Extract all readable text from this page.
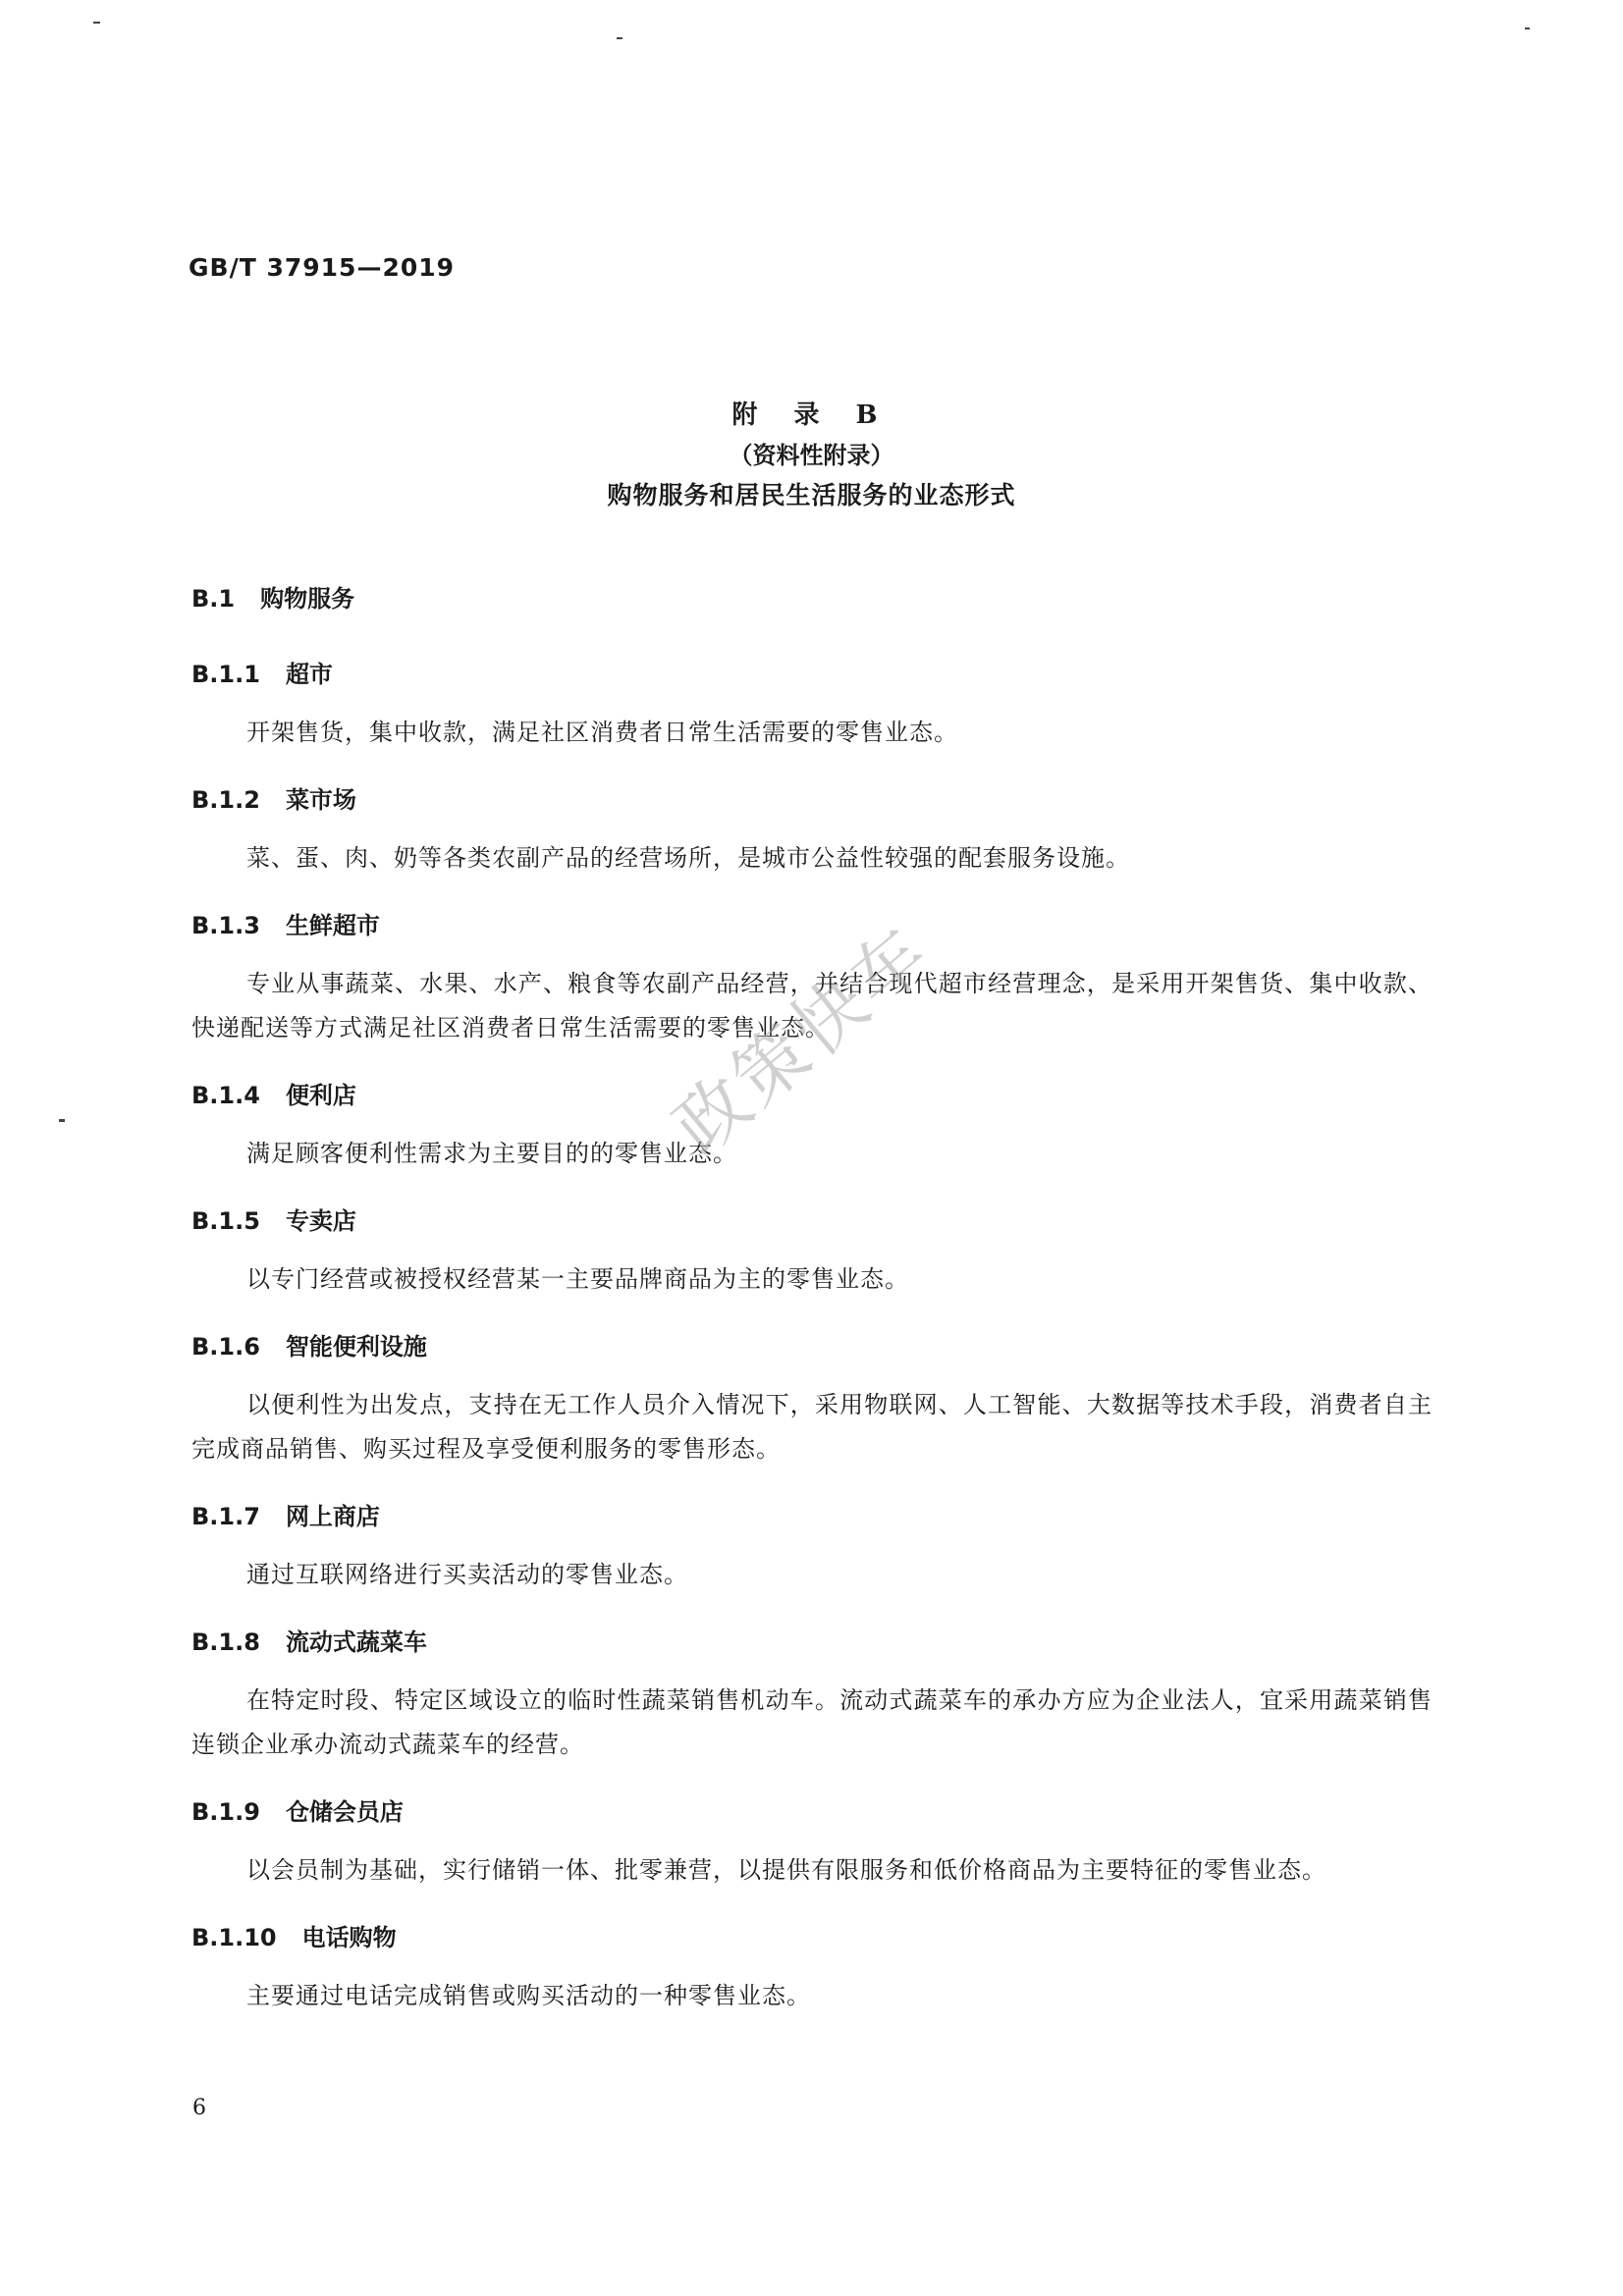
GB/T 37915—2019
附 录 B
（资料性附录）
购物服务和居民生活服务的业态形式
B.1 购物服务
B.1.1 超市
开架售货，集中收款，满足社区消费者日常生活需要的零售业态。
B.1.2 菜市场
菜、蛋、肉、奶等各类农副产品的经营场所，是城市公益性较强的配套服务设施。
B.1.3 生鲜超市
专业从事蔬菜、水果、水产、粮食等农副产品经营，并结合现代超市经营理念，是采用开架售货、集中收款、快递配送等方式满足社区消费者日常生活需要的零售业态。
B.1.4 便利店
满足顾客便利性需求为主要目的的零售业态。
B.1.5 专卖店
以专门经营或被授权经营某一主要品牌商品为主的零售业态。
B.1.6 智能便利设施
以便利性为出发点，支持在无工作人员介入情况下，采用物联网、人工智能、大数据等技术手段，消费者自主完成商品销售、购买过程及享受便利服务的零售形态。
B.1.7 网上商店
通过互联网络进行买卖活动的零售业态。
B.1.8 流动式蔬菜车
在特定时段、特定区域设立的临时性蔬菜销售机动车。流动式蔬菜车的承办方应为企业法人，宜采用蔬菜销售连锁企业承办流动式蔬菜车的经营。
B.1.9 仓储会员店
以会员制为基础，实行储销一体、批零兼营，以提供有限服务和低价格商品为主要特征的零售业态。
B.1.10 电话购物
主要通过电话完成销售或购买活动的一种零售业态。
政策快车
6
